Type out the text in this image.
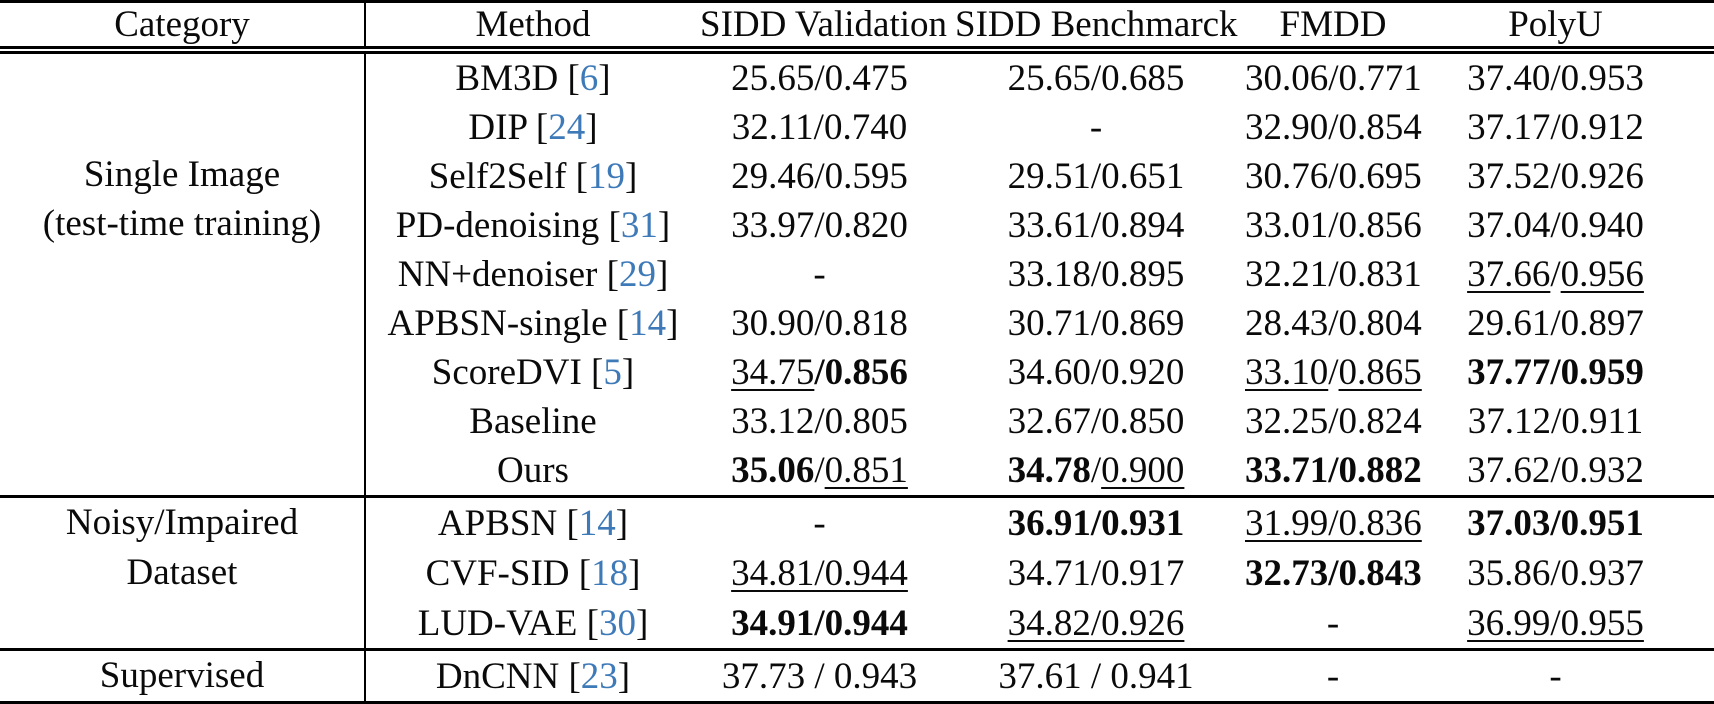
Category	Method	SIDD Validation	SIDD Benchmarck	FMDD	PolyU

Single Image
(test-time training)	BM3D [6]	25.65/0.475	25.65/0.685	30.06/0.771	37.40/0.953
	DIP [24]	32.11/0.740	-	32.90/0.854	37.17/0.912
	Self2Self [19]	29.46/0.595	29.51/0.651	30.76/0.695	37.52/0.926
	PD-denoising [31]	33.97/0.820	33.61/0.894	33.01/0.856	37.04/0.940
	NN+denoiser [29]	-	33.18/0.895	32.21/0.831	37.66/0.956
	APBSN-single [14]	30.90/0.818	30.71/0.869	28.43/0.804	29.61/0.897
	ScoreDVI [5]	34.75/0.856	34.60/0.920	33.10/0.865	37.77/0.959
	Baseline	33.12/0.805	32.67/0.850	32.25/0.824	37.12/0.911
	Ours	35.06/0.851	34.78/0.900	33.71/0.882	37.62/0.932

Noisy/Impaired
Dataset	APBSN [14]	-	36.91/0.931	31.99/0.836	37.03/0.951
	CVF-SID [18]	34.81/0.944	34.71/0.917	32.73/0.843	35.86/0.937
	LUD-VAE [30]	34.91/0.944	34.82/0.926	-	36.99/0.955

Supervised	DnCNN [23]	37.73 / 0.943	37.61 / 0.941	-	-
